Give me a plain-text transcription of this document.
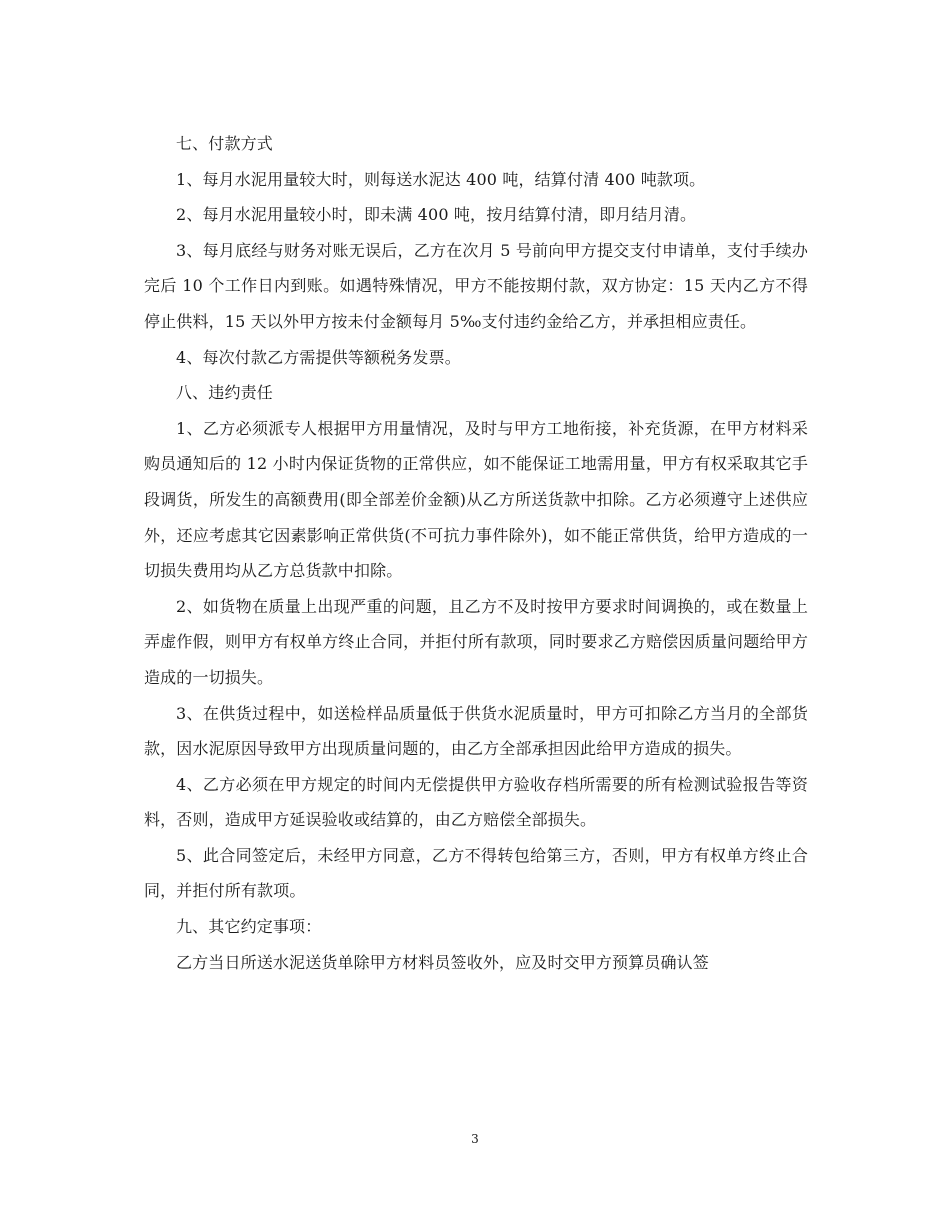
七、付款方式

1、每月水泥用量较大时，则每送水泥达 400 吨，结算付清 400 吨款项。

2、每月水泥用量较小时，即未满 400 吨，按月结算付清，即月结月清。

3、每月底经与财务对账无误后，乙方在次月 5 号前向甲方提交支付申请单，支付手续办完后 10 个工作日内到账。如遇特殊情况，甲方不能按期付款，双方协定：15 天内乙方不得停止供料，15 天以外甲方按未付金额每月 5‰支付违约金给乙方，并承担相应责任。

4、每次付款乙方需提供等额税务发票。

八、违约责任

1、乙方必须派专人根据甲方用量情况，及时与甲方工地衔接，补充货源，在甲方材料采购员通知后的 12 小时内保证货物的正常供应，如不能保证工地需用量，甲方有权采取其它手段调货，所发生的高额费用(即全部差价金额)从乙方所送货款中扣除。乙方必须遵守上述供应外，还应考虑其它因素影响正常供货(不可抗力事件除外)，如不能正常供货，给甲方造成的一切损失费用均从乙方总货款中扣除。

2、如货物在质量上出现严重的问题，且乙方不及时按甲方要求时间调换的，或在数量上弄虚作假，则甲方有权单方终止合同，并拒付所有款项，同时要求乙方赔偿因质量问题给甲方造成的一切损失。

3、在供货过程中，如送检样品质量低于供货水泥质量时，甲方可扣除乙方当月的全部货款，因水泥原因导致甲方出现质量问题的，由乙方全部承担因此给甲方造成的损失。

4、乙方必须在甲方规定的时间内无偿提供甲方验收存档所需要的所有检测试验报告等资料，否则，造成甲方延误验收或结算的，由乙方赔偿全部损失。

5、此合同签定后，未经甲方同意，乙方不得转包给第三方，否则，甲方有权单方终止合同，并拒付所有款项。

九、其它约定事项：

乙方当日所送水泥送货单除甲方材料员签收外，应及时交甲方预算员确认签

3
